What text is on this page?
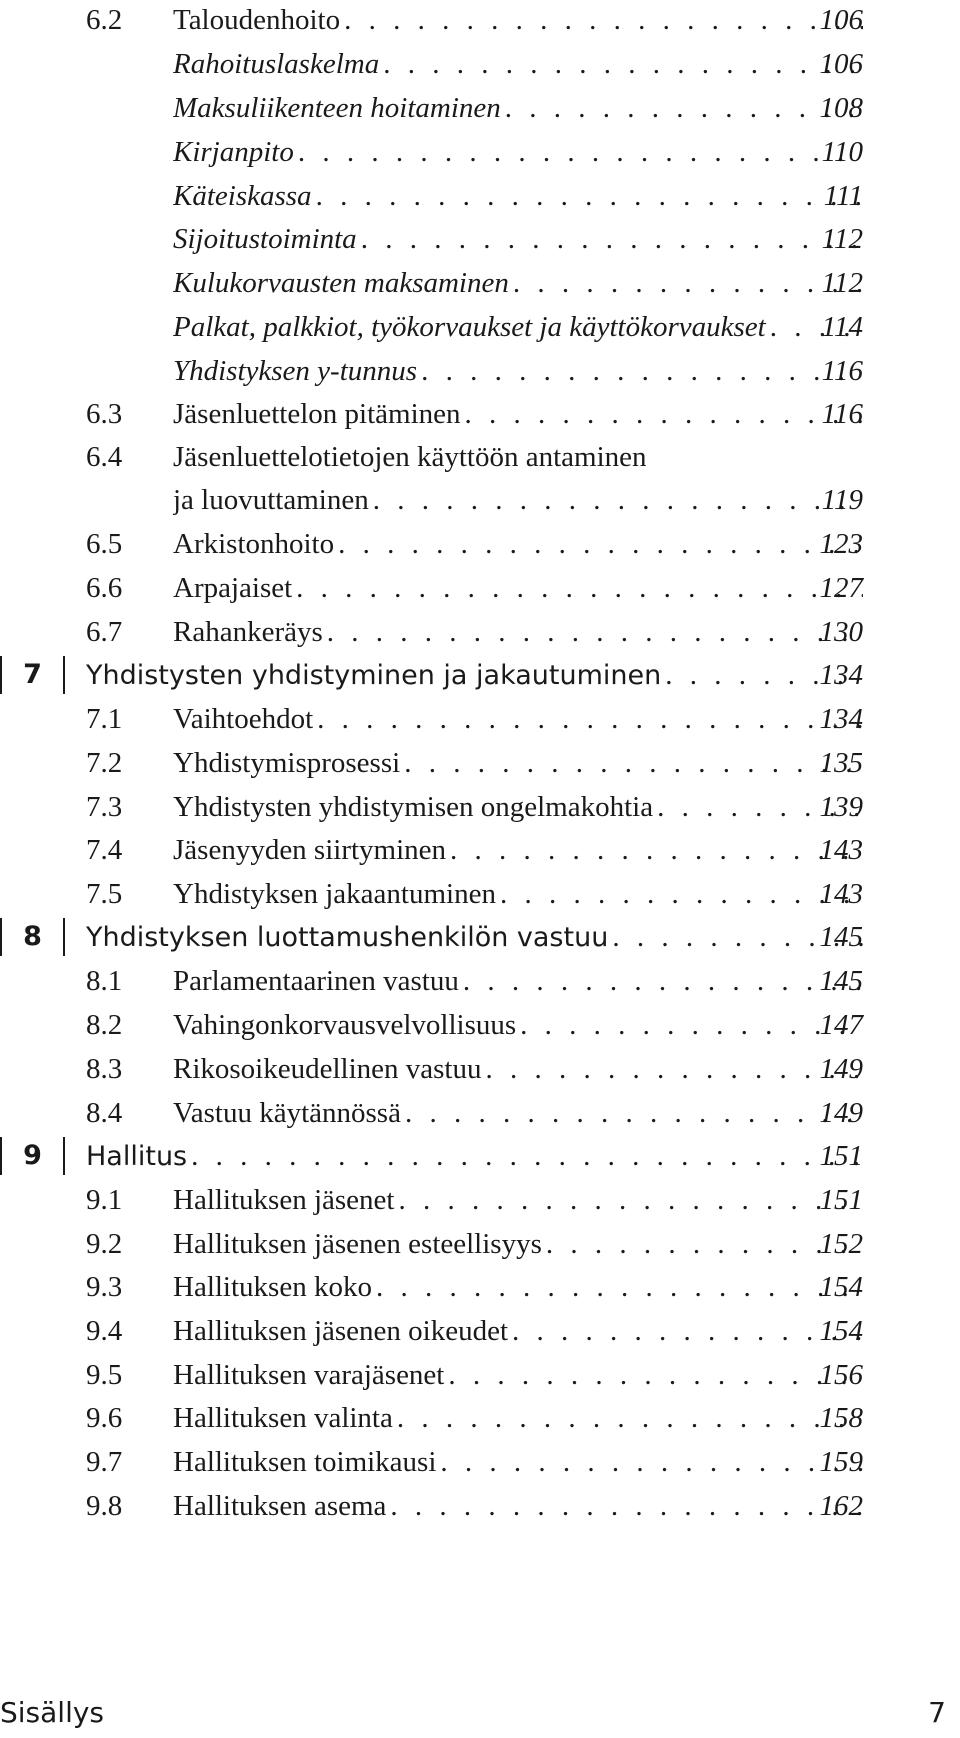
6.2 Taloudenhoito . . .	106
Rahoituslaskelma . . .	106
Maksuliikenteen hoitaminen . . .	108
Kirjanpito . . .	110
Käteiskassa . . .	111
Sijoitustoiminta . . .	112
Kulukorvausten maksaminen . . .	112
Palkat, palkkiot, työkorvaukset ja käyttökorvaukset . . . 114
Yhdistyksen y-tunnus . . .	116
6.3 Jäsenluettelon pitäminen . . .	116
6.4 Jäsenluettelotietojen käyttöön antaminen
ja luovuttaminen . . .	119
6.5 Arkistonhoito . . .	123
6.6 Arpajaiset . . .	127
6.7 Rahankeräys . . .	130
7	Yhdistysten yhdistyminen ja jakautuminen . . .	134
7.1 Vaihtoehdot . . .	134
7.2 Yhdistymisprosessi . . .	135
7.3 Yhdistysten yhdistymisen ongelmakohtia . . .	139
7.4 Jäsenyyden siirtyminen . . .	143
7.5 Yhdistyksen jakaantuminen . . .	143
8	Yhdistyksen luottamushenkilön vastuu . . .	145
8.1 Parlamentaarinen vastuu . . .	145
8.2 Vahingonkorvausvelvollisuus . . .	147
8.3 Rikosoikeudellinen vastuu . . .	149
8.4 Vastuu käytännössä . . .	149
9	Hallitus . . .	151
9.1 Hallituksen jäsenet . . .	151
9.2 Hallituksen jäsenen esteellisyys . . .	152
9.3 Hallituksen koko . . .	154
9.4 Hallituksen jäsenen oikeudet . . .	154
9.5 Hallituksen varajäsenet . . .	156
9.6 Hallituksen valinta . . .	158
9.7 Hallituksen toimikausi . . .	159
9.8 Hallituksen asema . . .	162
Sisällys	7
